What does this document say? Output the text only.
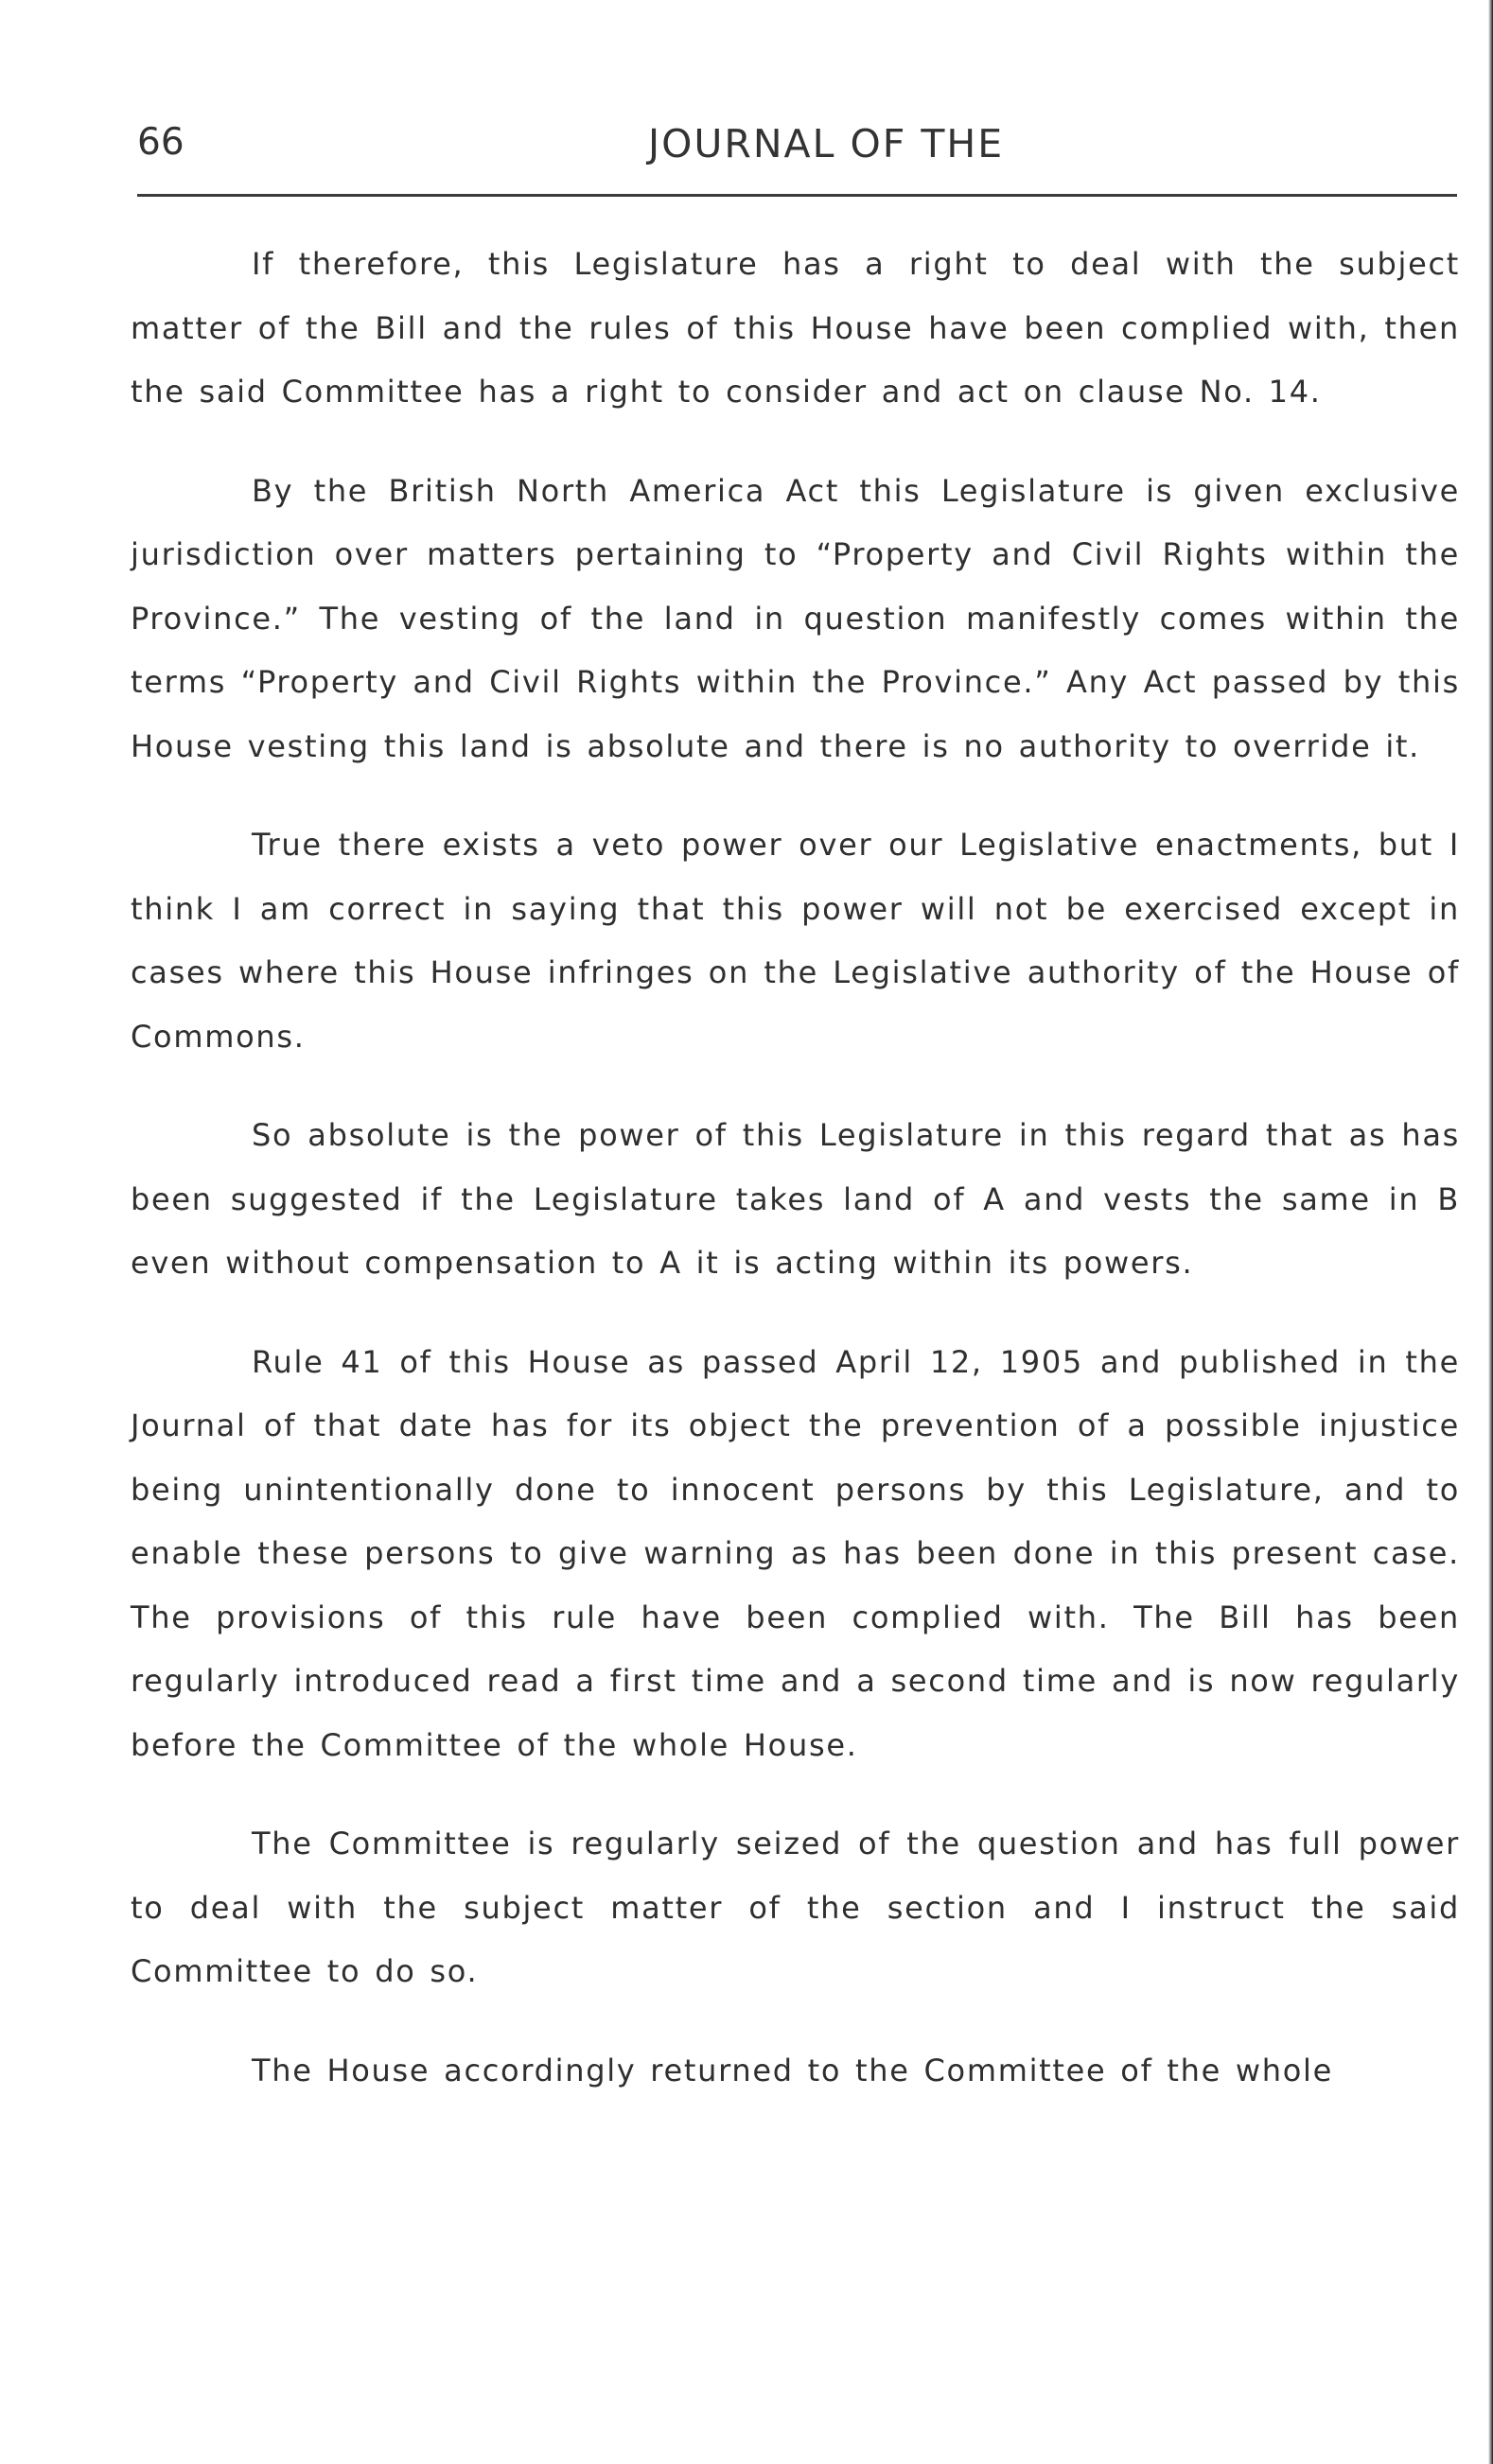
66	JOURNAL OF THE

If therefore, this Legislature has a right to deal with the subject matter of the Bill and the rules of this House have been complied with, then the said Committee has a right to consider and act on clause No. 14.

By the British North America Act this Legislature is given exclusive jurisdiction over matters pertaining to “Property and Civil Rights within the Province.” The vesting of the land in question manifestly comes within the terms “Property and Civil Rights within the Province.” Any Act passed by this House vesting this land is absolute and there is no authority to override it.

True there exists a veto power over our Legislative enactments, but I think I am correct in saying that this power will not be exercised except in cases where this House infringes on the Legislative authority of the House of Commons.

So absolute is the power of this Legislature in this regard that as has been suggested if the Legislature takes land of A and vests the same in B even without compensation to A it is acting within its powers.

Rule 41 of this House as passed April 12, 1905 and published in the Journal of that date has for its object the prevention of a possible injustice being unintentionally done to innocent persons by this Legislature, and to enable these persons to give warning as has been done in this present case. The provisions of this rule have been complied with. The Bill has been regularly introduced read a first time and a second time and is now regularly before the Committee of the whole House.

The Committee is regularly seized of the question and has full power to deal with the subject matter of the section and I instruct the said Committee to do so.

The House accordingly returned to the Committee of the whole
